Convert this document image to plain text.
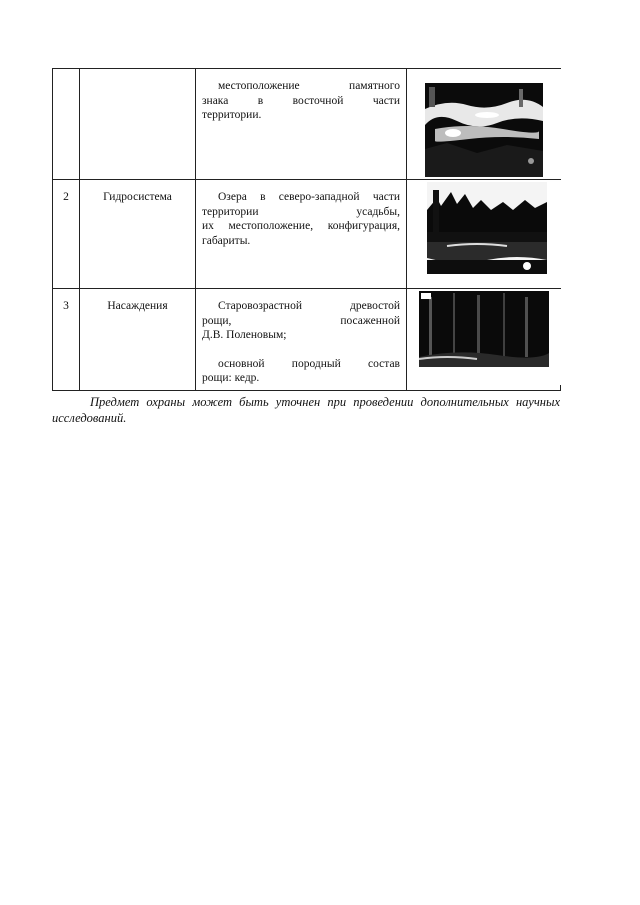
		местоположение памятного

знака в восточной части

территории.

2	Гидросистема	Озера в северо-западной части

территории усадьбы,

их местоположение, конфигурация,

габариты.

3	Насаждения	Старовозрастной древостой

рощи, посаженной

Д.В. Поленовым;

основной породный состав

рощи: кедр.

Предмет охраны может быть уточнен при проведении дополнительных научных исследований.
